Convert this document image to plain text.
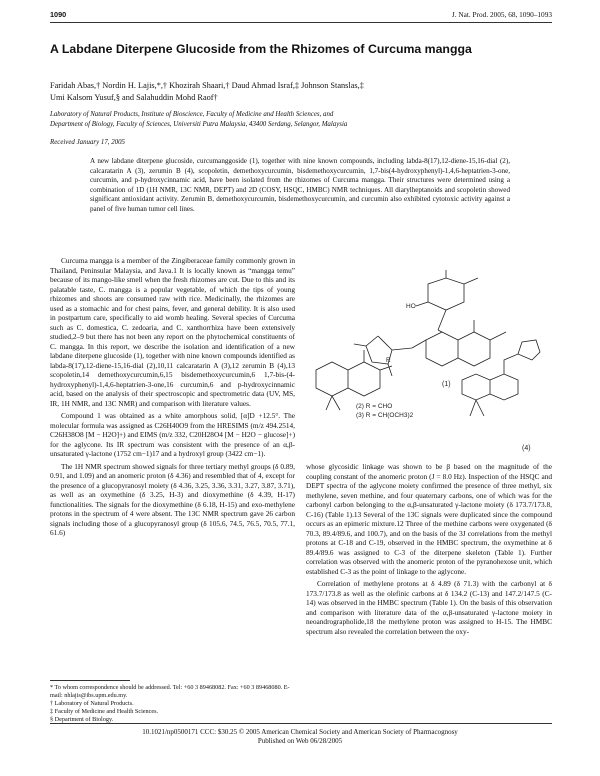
1090	J. Nat. Prod. 2005, 68, 1090–1093
A Labdane Diterpene Glucoside from the Rhizomes of Curcuma mangga
Faridah Abas,† Nordin H. Lajis,*,† Khozirah Shaari,† Daud Ahmad Israf,‡ Johnson Stanslas,‡
Umi Kalsom Yusuf,§ and Salahuddin Mohd Raof†
Laboratory of Natural Products, Institute of Bioscience, Faculty of Medicine and Health Sciences, and
Department of Biology, Faculty of Sciences, Universiti Putra Malaysia, 43400 Serdang, Selangor, Malaysia
Received January 17, 2005
A new labdane diterpene glucoside, curcumanggoside (1), together with nine known compounds, including labda-8(17),12-diene-15,16-dial (2), calcaratarin A (3), zerumin B (4), scopoletin, demethoxycurcumin, bisdemethoxycurcumin, 1,7-bis(4-hydroxyphenyl)-1,4,6-heptatrien-3-one, curcumin, and p-hydroxycinnamic acid, have been isolated from the rhizomes of Curcuma mangga. Their structures were determined using a combination of 1D (1H NMR, 13C NMR, DEPT) and 2D (COSY, HSQC, HMBC) NMR techniques. All diarylheptanoids and scopoletin showed significant antioxidant activity. Zerumin B, demethoxycurcumin, bisdemethoxycurcumin, and curcumin also exhibited cytotoxic activity against a panel of five human tumor cell lines.
HO
(1)
R
(2) R = CHO
(3) R = CH(OCH3)2
(4)

Curcuma mangga is a member of the Zingiberaceae family commonly grown in Thailand, Peninsular Malaysia, and Java.1 It is locally known as “mangga temu” because of its mango-like smell when the fresh rhizomes are cut. Due to this and its palatable taste, C. mangga is a popular vegetable, of which the tips of young rhizomes and shoots are consumed raw with rice. Medicinally, the rhizomes are used as a stomachic and for chest pains, fever, and general debility. It is also used in postpartum care, specifically to aid womb healing. Several species of Curcuma such as C. domestica, C. zedoaria, and C. xanthorrhiza have been extensively studied,2–9 but there has not been any report on the phytochemical constituents of C. mangga. In this report, we describe the isolation and identification of a new labdane diterpene glucoside (1), together with nine known compounds identified as labda-8(17),12-diene-15,16-dial (2),10,11 calcaratarin A (3),12 zerumin B (4),13 scopoletin,14 demethoxycurcumin,6,15 bisdemethoxycurcumin,6 1,7-bis-(4-hydroxyphenyl)-1,4,6-heptatrien-3-one,16 curcumin,6 and p-hydroxycinnamic acid, based on the analysis of their spectroscopic and spectrometric data (UV, MS, IR, 1H NMR, and 13C NMR) and comparison with literature values.

Compound 1 was obtained as a white amorphous solid, [α]D +12.5°. The molecular formula was assigned as C26H40O9 from the HRESIMS (m/z 494.2514, C26H38O8 [M − H2O]+) and EIMS (m/z 332, C20H28O4 [M − H2O − glucose]+) for the aglycone. Its IR spectrum was consistent with the presence of an α,β-unsaturated γ-lactone (1752 cm−1)17 and a hydroxyl group (3422 cm−1).

The 1H NMR spectrum showed signals for three tertiary methyl groups (δ 0.89, 0.91, and 1.09) and an anomeric proton (δ 4.36) and resembled that of 4, except for the presence of a glucopyranosyl moiety (δ 4.36, 3.25, 3.36, 3.31, 3.27, 3.87, 3.71), as well as an oxymethine (δ 3.25, H-3) and dioxymethine (δ 4.39, H-17) functionalities. The signals for the dioxymethine (δ 6.18, H-15) and exo-methylene protons in the spectrum of 4 were absent. The 13C NMR spectrum gave 26 carbon signals including those of a glucopyranosyl group (δ 105.6, 74.5, 76.5, 70.5, 77.1, 61.6)

whose glycosidic linkage was shown to be β based on the magnitude of the coupling constant of the anomeric proton (J = 8.0 Hz). Inspection of the HSQC and DEPT spectra of the aglycone moiety confirmed the presence of three methyl, six methylene, seven methine, and four quaternary carbons, one of which was for the carbonyl carbon belonging to the α,β-unsaturated γ-lactone moiety (δ 173.7/173.8, C-16) (Table 1).13 Several of the 13C signals were duplicated since the compound occurs as an epimeric mixture.12 Three of the methine carbons were oxygenated (δ 70.3, 89.4/89.6, and 100.7), and on the basis of the 3J correlations from the methyl protons at C-18 and C-19, observed in the HMBC spectrum, the oxymethine at δ 89.4/89.6 was assigned to C-3 of the diterpene skeleton (Table 1). Further correlation was observed with the anomeric proton of the pyranohexose unit, which established C-3 as the point of linkage to the aglycone.

Correlation of methylene protons at δ 4.89 (δ 71.3) with the carbonyl at δ 173.7/173.8 as well as the olefinic carbons at δ 134.2 (C-13) and 147.2/147.5 (C-14) was observed in the HMBC spectrum (Table 1). On the basis of this observation and comparison with literature data of the α,β-unsaturated γ-lactone moiety in neoandrographolide,18 the methylene proton was assigned to H-15. The HMBC spectrum also revealed the correlation between the oxy-

* To whom correspondence should be addressed. Tel: +60 3 89468082. Fax: +60 3 89468080. E-mail: nhlajis@ibs.upm.edu.my.
† Laboratory of Natural Products.
‡ Faculty of Medicine and Health Sciences.
§ Department of Biology.
10.1021/np0500171 CCC: $30.25 © 2005 American Chemical Society and American Society of Pharmacognosy
Published on Web 06/28/2005
